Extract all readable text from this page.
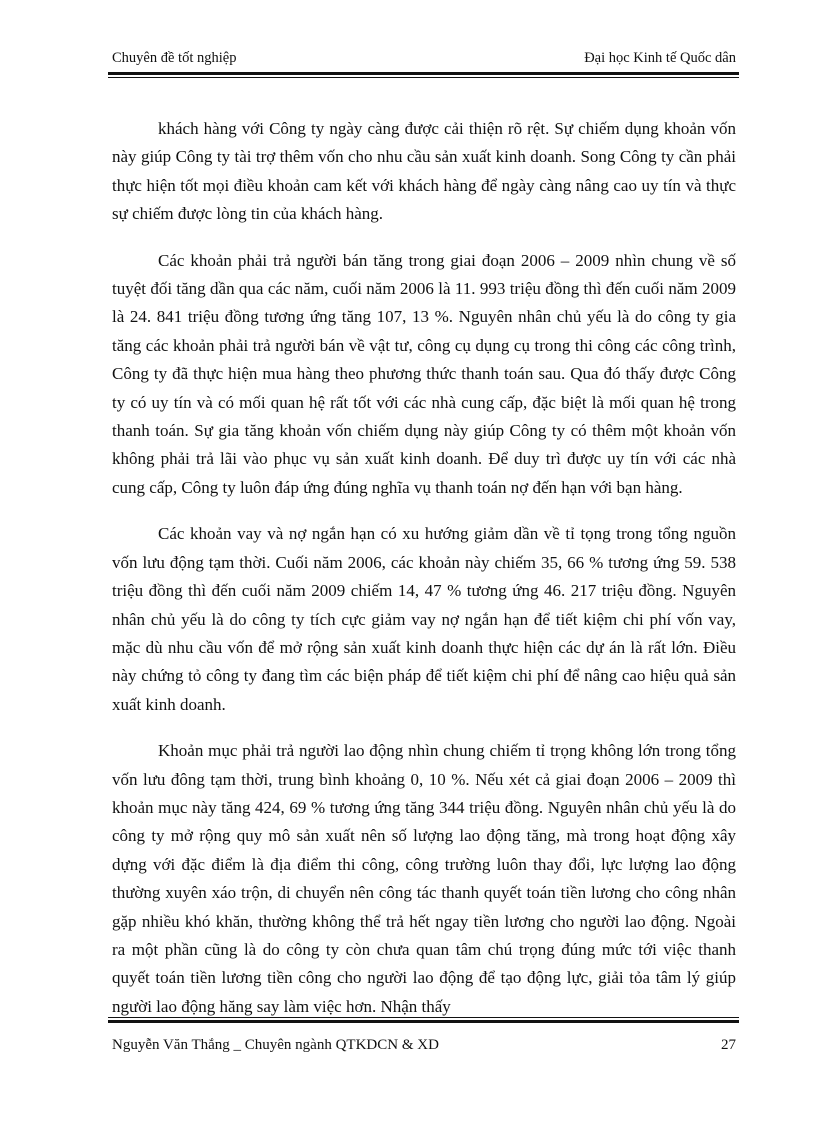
Chuyên đề tốt nghiệp	Đại học Kinh tế Quốc dân

khách hàng với Công ty ngày càng được cải thiện rõ rệt. Sự chiếm dụng khoản vốn này giúp Công ty tài trợ thêm vốn cho nhu cầu sản xuất kinh doanh. Song Công ty cần phải thực hiện tốt mọi điều khoản cam kết với khách hàng để ngày càng nâng cao uy tín và thực sự chiếm được lòng tin của khách hàng.

Các khoản phải trả người bán tăng trong giai đoạn 2006 – 2009 nhìn chung về số tuyệt đối tăng dần qua các năm, cuối năm 2006 là 11. 993 triệu đồng thì đến cuối năm 2009 là 24. 841 triệu đồng tương ứng tăng 107, 13 %. Nguyên nhân chủ yếu là do công ty gia tăng các khoản phải trả người bán về vật tư, công cụ dụng cụ trong thi công các công trình, Công ty đã thực hiện mua hàng theo phương thức thanh toán sau. Qua đó thấy được Công ty có uy tín và có mối quan hệ rất tốt với các nhà cung cấp, đặc biệt là mối quan hệ trong thanh toán. Sự gia tăng khoản vốn chiếm dụng này giúp Công ty có thêm một khoản vốn không phải trả lãi vào phục vụ sản xuất kinh doanh. Để duy trì được uy tín với các nhà cung cấp, Công ty luôn đáp ứng đúng nghĩa vụ thanh toán nợ đến hạn với bạn hàng.

Các khoản vay và nợ ngắn hạn có xu hướng giảm dần về tỉ tọng trong tổng nguồn vốn lưu động tạm thời. Cuối năm 2006, các khoản này chiếm 35, 66 % tương ứng 59. 538 triệu đồng thì đến cuối năm 2009 chiếm 14, 47 % tương ứng 46. 217 triệu đồng. Nguyên nhân chủ yếu là do công ty tích cực giảm vay nợ ngắn hạn để tiết kiệm chi phí vốn vay, mặc dù nhu cầu vốn để mở rộng sản xuất kinh doanh thực hiện các dự án là rất lớn. Điều này chứng tỏ công ty đang tìm các biện pháp để tiết kiệm chi phí để nâng cao hiệu quả sản xuất kinh doanh.

Khoản mục phải trả người lao động nhìn chung chiếm tỉ trọng không lớn trong tổng vốn lưu đông tạm thời, trung bình khoảng 0, 10 %. Nếu xét cả giai đoạn 2006 – 2009 thì khoản mục này tăng 424, 69 % tương ứng tăng 344 triệu đồng. Nguyên nhân chủ yếu là do công ty mở rộng quy mô sản xuất nên số lượng lao động tăng, mà trong hoạt động xây dựng với đặc điểm là địa điểm thi công, công trường luôn thay đổi, lực lượng lao động thường xuyên xáo trộn, di chuyển nên công tác thanh quyết toán tiền lương cho công nhân gặp nhiều khó khăn, thường không thể trả hết ngay tiền lương cho người lao động. Ngoài ra một phần cũng là do công ty còn chưa quan tâm chú trọng đúng mức tới việc thanh quyết toán tiền lương tiền công cho người lao động để tạo động lực, giải tỏa tâm lý giúp người lao động hăng say làm việc hơn. Nhận thấy

Nguyễn Văn Thắng _ Chuyên ngành QTKDCN & XD	27
